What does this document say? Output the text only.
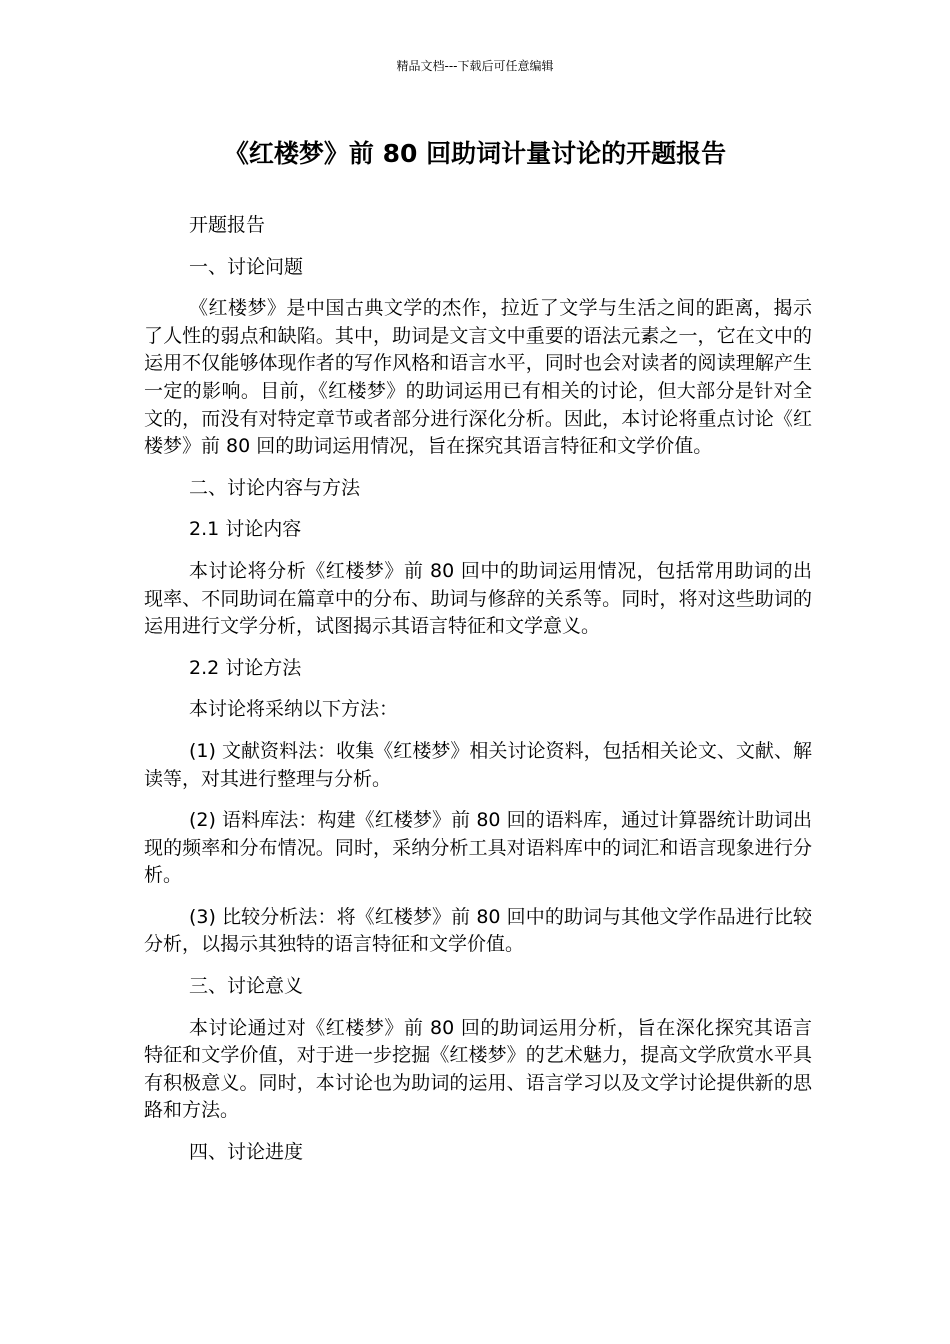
精品文档---下载后可任意编辑
《红楼梦》前 80 回助词计量讨论的开题报告

开题报告

一、讨论问题

《红楼梦》是中国古典文学的杰作，拉近了文学与生活之间的距离，揭示了人性的弱点和缺陷。其中，助词是文言文中重要的语法元素之一，它在文中的运用不仅能够体现作者的写作风格和语言水平，同时也会对读者的阅读理解产生一定的影响。目前，《红楼梦》的助词运用已有相关的讨论，但大部分是针对全文的，而没有对特定章节或者部分进行深化分析。因此，本讨论将重点讨论《红楼梦》前 80 回的助词运用情况，旨在探究其语言特征和文学价值。

二、讨论内容与方法

2.1 讨论内容

本讨论将分析《红楼梦》前 80 回中的助词运用情况，包括常用助词的出现率、不同助词在篇章中的分布、助词与修辞的关系等。同时，将对这些助词的运用进行文学分析，试图揭示其语言特征和文学意义。

2.2 讨论方法

本讨论将采纳以下方法：

(1) 文献资料法：收集《红楼梦》相关讨论资料，包括相关论文、文献、解读等，对其进行整理与分析。

(2) 语料库法：构建《红楼梦》前 80 回的语料库，通过计算器统计助词出现的频率和分布情况。同时，采纳分析工具对语料库中的词汇和语言现象进行分析。

(3) 比较分析法：将《红楼梦》前 80 回中的助词与其他文学作品进行比较分析，以揭示其独特的语言特征和文学价值。

三、讨论意义

本讨论通过对《红楼梦》前 80 回的助词运用分析，旨在深化探究其语言特征和文学价值，对于进一步挖掘《红楼梦》的艺术魅力，提高文学欣赏水平具有积极意义。同时，本讨论也为助词的运用、语言学习以及文学讨论提供新的思路和方法。

四、讨论进度
